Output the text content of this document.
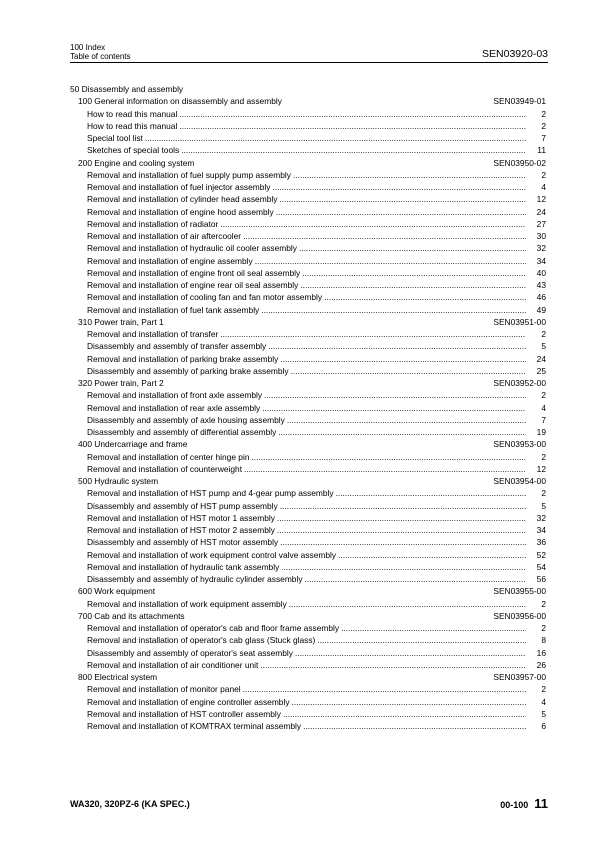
100 Index
Table of contents	SEN03920-03
50 Disassembly and assembly
100 General information on disassembly and assembly	SEN03949-01
How to read this manual .....	2
How to read this manual .....	2
Special tool list .....	7
Sketches of special tools .....	11
200 Engine and cooling system	SEN03950-02
Removal and installation of fuel supply pump assembly .....	2
Removal and installation of fuel injector assembly .....	4
Removal and installation of cylinder head assembly .....	12
Removal and installation of engine hood assembly .....	24
Removal and installation of radiator .....	27
Removal and installation of air aftercooler .....	30
Removal and installation of hydraulic oil cooler assembly .....	32
Removal and installation of engine assembly .....	34
Removal and installation of engine front oil seal assembly .....	40
Removal and installation of engine rear oil seal assembly .....	43
Removal and installation of cooling fan and fan motor assembly .....	46
Removal and installation of fuel tank assembly .....	49
310 Power train, Part 1	SEN03951-00
Removal and installation of transfer .....	2
Disassembly and assembly of transfer assembly .....	5
Removal and installation of parking brake assembly .....	24
Disassembly and assembly of parking brake assembly .....	25
320 Power train, Part 2	SEN03952-00
Removal and installation of front axle assembly .....	2
Removal and installation of rear axle assembly .....	4
Disassembly and assembly of axle housing assembly .....	7
Disassembly and assembly of differential assembly .....	19
400 Undercarriage and frame	SEN03953-00
Removal and installation of center hinge pin .....	2
Removal and installation of counterweight .....	12
500 Hydraulic system	SEN03954-00
Removal and installation of HST pump and 4-gear pump assembly .....	2
Disassembly and assembly of HST pump assembly .....	5
Removal and installation of HST motor 1 assembly .....	32
Removal and installation of HST motor 2 assembly .....	34
Disassembly and assembly of HST motor assembly .....	36
Removal and installation of work equipment control valve assembly .....	52
Removal and installation of hydraulic tank assembly .....	54
Disassembly and assembly of hydraulic cylinder assembly .....	56
600 Work equipment	SEN03955-00
Removal and installation of work equipment assembly .....	2
700 Cab and its attachments	SEN03956-00
Removal and installation of operator's cab and floor frame assembly .....	2
Removal and installation of operator's cab glass (Stuck glass) .....	8
Disassembly and assembly of operator's seat assembly .....	16
Removal and installation of air conditioner unit .....	26
800 Electrical system	SEN03957-00
Removal and installation of monitor panel .....	2
Removal and installation of engine controller assembly .....	4
Removal and installation of HST controller assembly .....	5
Removal and installation of KOMTRAX terminal assembly .....	6
WA320, 320PZ-6 (KA SPEC.)	00-100 11
